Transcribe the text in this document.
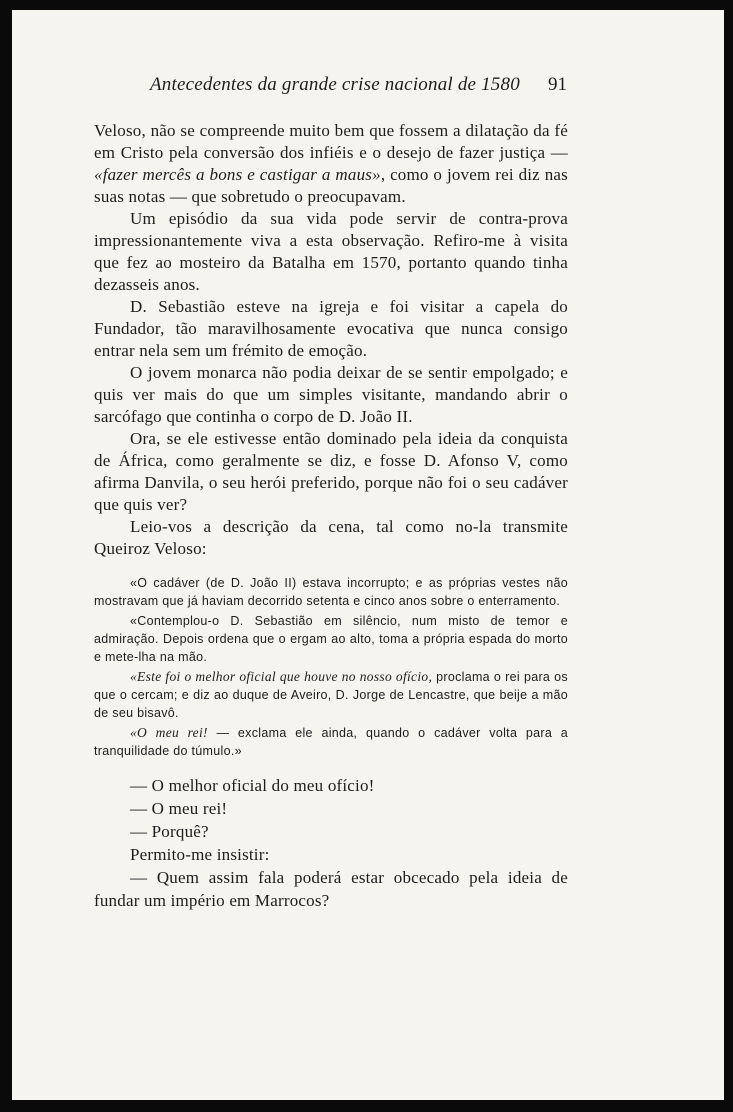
Antecedentes da grande crise nacional de 1580 91

Veloso, não se compreende muito bem que fossem a dilatação da fé em Cristo pela conversão dos infiéis e o desejo de fazer justiça — «fazer mercês a bons e castigar a maus», como o jovem rei diz nas suas notas — que sobretudo o preocupavam.

Um episódio da sua vida pode servir de contra-prova impressionantemente viva a esta observação. Refiro-me à visita que fez ao mosteiro da Batalha em 1570, portanto quando tinha dezasseis anos.

D. Sebastião esteve na igreja e foi visitar a capela do Fundador, tão maravilhosamente evocativa que nunca consigo entrar nela sem um frémito de emoção.

O jovem monarca não podia deixar de se sentir empolgado; e quis ver mais do que um simples visitante, mandando abrir o sarcófago que continha o corpo de D. João II.

Ora, se ele estivesse então dominado pela ideia da conquista de África, como geralmente se diz, e fosse D. Afonso V, como afirma Danvila, o seu herói preferido, porque não foi o seu cadáver que quis ver?

Leio-vos a descrição da cena, tal como no-la transmite Queiroz Veloso:

«O cadáver (de D. João II) estava incorrupto; e as próprias vestes não mostravam que já haviam decorrido setenta e cinco anos sobre o enterramento.

«Contemplou-o D. Sebastião em silêncio, num misto de temor e admiração. Depois ordena que o ergam ao alto, toma a própria espada do morto e mete-lha na mão.

«Este foi o melhor oficial que houve no nosso ofício, proclama o rei para os que o cercam; e diz ao duque de Aveiro, D. Jorge de Lencastre, que beije a mão de seu bisavô.

«O meu rei! — exclama ele ainda, quando o cadáver volta para a tranquilidade do túmulo.»

— O melhor oficial do meu ofício!

— O meu rei!

— Porquê?

Permito-me insistir:

— Quem assim fala poderá estar obcecado pela ideia de fundar um império em Marrocos?
